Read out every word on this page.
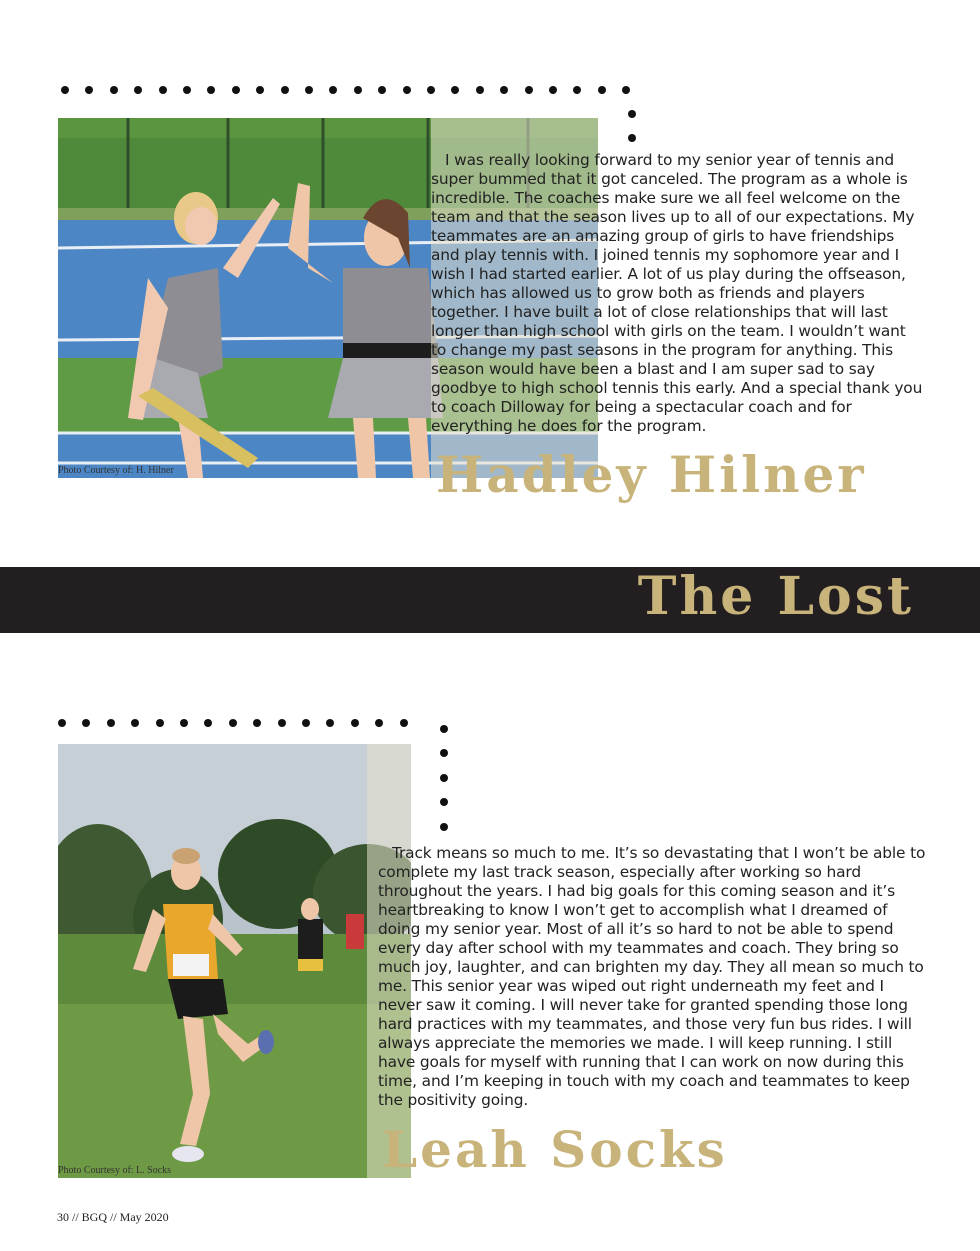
Photo Courtesy of: H. Hilner

I was really looking forward to my senior year of tennis and super bummed that it got canceled. The program as a whole is incredible. The coaches make sure we all feel welcome on the team and that the season lives up to all of our expectations. My teammates are an amazing group of girls to have friendships and play tennis with. I joined tennis my sophomore year and I wish I had started earlier. A lot of us play during the offseason, which has allowed us to grow both as friends and players together. I have built a lot of close relationships that will last longer than high school with girls on the team. I wouldn’t want to change my past seasons in the program for anything. This season would have been a blast and I am super sad to say goodbye to high school tennis this early. And a special thank you to coach Dilloway for being a spectacular coach and for everything he does for the program.

Hadley Hilner
The Lost
Photo Courtesy of: L. Socks

Track means so much to me. It’s so devastating that I won’t be able to complete my last track season, especially after working so hard throughout the years. I had big goals for this coming season and it’s heartbreaking to know I won’t get to accomplish what I dreamed of doing my senior year. Most of all it’s so hard to not be able to spend every day after school with my teammates and coach. They bring so much joy, laughter, and can brighten my day. They all mean so much to me. This senior year was wiped out right underneath my feet and I never saw it coming. I will never take for granted spending those long hard practices with my teammates, and those very fun bus rides. I will always appreciate the memories we made. I will keep running. I still have goals for myself with running that I can work on now during this time, and I’m keeping in touch with my coach and teammates to keep the positivity going.

Leah Socks
30 // BGQ // May 2020
